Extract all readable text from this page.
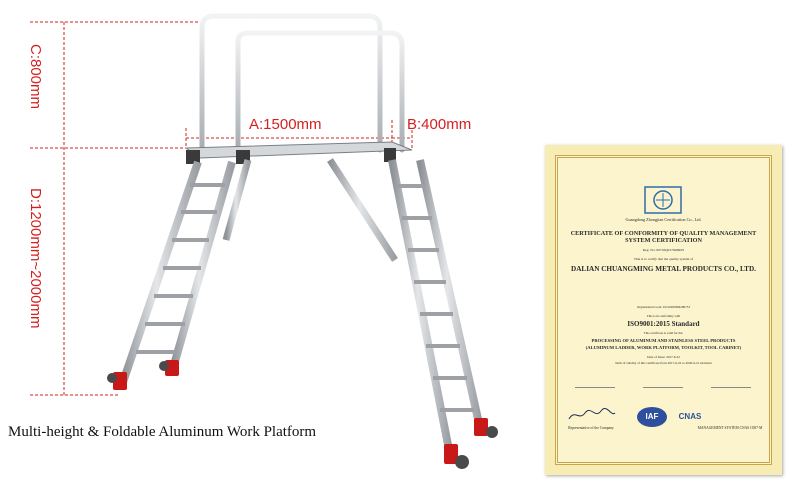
A:1500mm	B:400mm
C:800mm
D:1200mm~2000mm
Multi-height & Foldable Aluminum Work Platform
Guangdong Zhongjian Certification Co., Ltd.
CERTIFICATE OF CONFORMITY OF QUALITY MANAGEMENT SYSTEM CERTIFICATION
Reg. No: 00716Q017626R0S
This is to certify that the quality system of
DALIAN CHUANGMING METAL PRODUCTS CO., LTD.
Organization Code: 91210282684289753
This is in conformity with
ISO9001:2015 Standard
This certificate is valid for the:
PROCESSING OF ALUMINUM AND STAINLESS STEEL PRODUCTS
(ALUMINUM LADDER, WORK PLATFORM, TOOLKIT, TOOL CABINET)
Date of Issue: 2017-6-22
Term of validity of this certificate from 2017-6-22 to 2020-6-21 inclusive
IAF	CNAS
Representative of the Company	MANAGEMENT SYSTEM CNAS C087-M
